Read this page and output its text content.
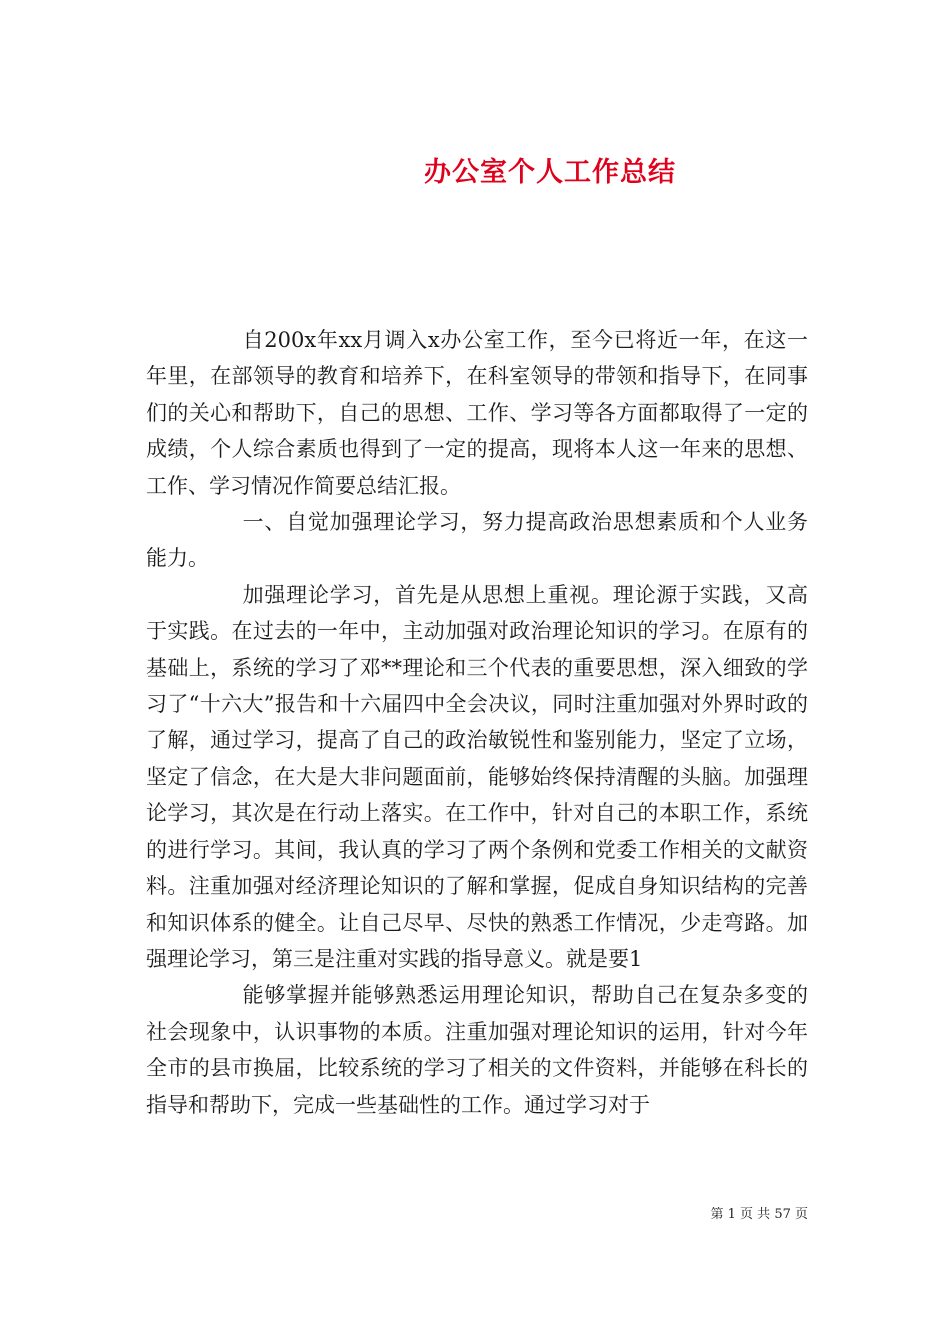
办公室个人工作总结

自200x年xx月调入x办公室工作，至今已将近一年，在这一年里，在部领导的教育和培养下，在科室领导的带领和指导下，在同事们的关心和帮助下，自己的思想、工作、学习等各方面都取得了一定的成绩，个人综合素质也得到了一定的提高，现将本人这一年来的思想、工作、学习情况作简要总结汇报。

一、自觉加强理论学习，努力提高政治思想素质和个人业务能力。

加强理论学习，首先是从思想上重视。理论源于实践，又高于实践。在过去的一年中，主动加强对政治理论知识的学习。在原有的基础上，系统的学习了邓**理论和三个代表的重要思想，深入细致的学习了“十六大”报告和十六届四中全会决议，同时注重加强对外界时政的了解，通过学习，提高了自己的政治敏锐性和鉴别能力，坚定了立场，坚定了信念，在大是大非问题面前，能够始终保持清醒的头脑。加强理论学习，其次是在行动上落实。在工作中，针对自己的本职工作，系统的进行学习。其间，我认真的学习了两个条例和党委工作相关的文献资料。注重加强对经济理论知识的了解和掌握，促成自身知识结构的完善和知识体系的健全。让自己尽早、尽快的熟悉工作情况，少走弯路。加强理论学习，第三是注重对实践的指导意义。就是要1

能够掌握并能够熟悉运用理论知识，帮助自己在复杂多变的社会现象中，认识事物的本质。注重加强对理论知识的运用，针对今年全市的县市换届，比较系统的学习了相关的文件资料，并能够在科长的指导和帮助下，完成一些基础性的工作。通过学习对于

第 1 页 共 57 页
